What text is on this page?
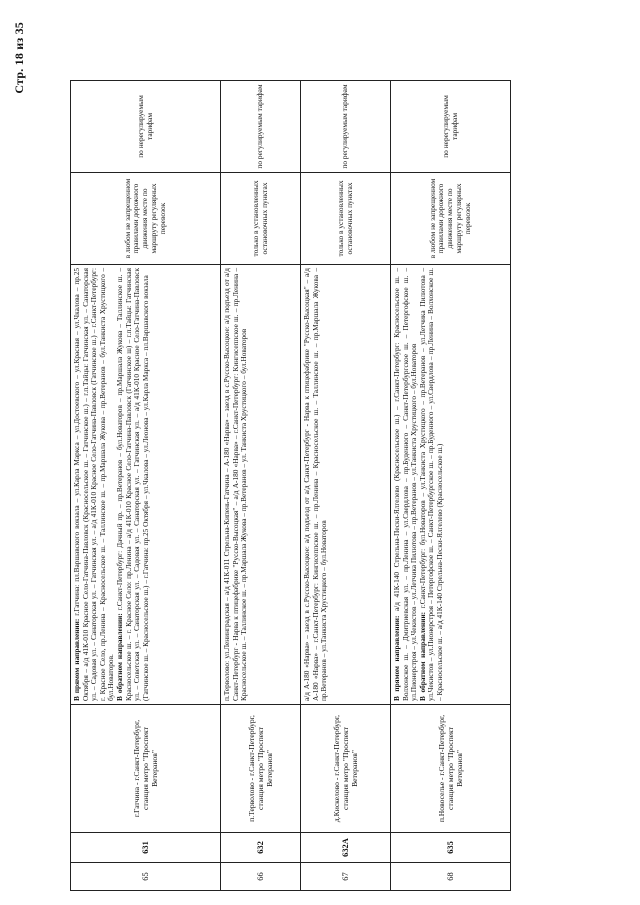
Стр. 18 из 35
65	631	г.Гатчина - г.Санкт-Петербург, станция метро "Проспект Ветеранов"	В прямом направлении: г.Гатчина: пл.Варшавского вокзала – ул.Карла Маркса – ул.Достоевского – ул.Красная – ул.Чкалова – пр.25 Октября – а/д 41К-010 Красное Село-Гатчина-Павловск (Красносельское ш. – Гатчинское ш.) – г.п.Тайцы: Гатчинская ул. – Санаторская ул. – Садовая ул. – Санаторская ул. – Гатчинская ул. – а/д 41К-010 Красное Село-Гатчина-Павловск (Гатчинское ш.) – г.Санкт-Петербург: г. Красное Село, пр.Ленина – Красносельское ш. – Таллинское ш. – пр.Маршала Жукова – пр.Ветеранов – бул.Танкиста Хрустицкого – бул.Новаторов.
В обратном направлении: г.Санкт-Петербург: Дачный пр. – пр.Ветеранов – бул.Новаторов – пр.Маршала Жукова – Таллинское ш. – Красносельское ш. – г. Красное Село: пр.Ленина – а/д 41К-010 Красное Село-Гатчина-Павловск (Гатчинское ш) – г.п.Тайцы: Гатчинская ул. – Советская ул. – Санаторская ул. – Садовая ул. – Санаторская ул. – Гатчинская ул. – а/д 41К-010 Красное Село-Гатчина-Павловск (Гатчинское ш. – Красносельское ш.) – г.Гатчина: пр.25 Октября – ул.Чкалова – ул.Леонова – ул.Карла Маркса – пл.Варшавского вокзала	в любом не запрещенном правилами дорожного движения месте по маршруту регулярных перевозок	по нерегулируемым тарифам
66	632	п.Терволово - г.Санкт-Петербург, станция метро "Проспект Ветеранов"	п.Терволово: ул.Ленинградская – а/д 41К-011 Стрельна-Кипень-Гатчина – А-180 «Нарва» – заезд в с.Русско-Высоцкое: а/д подъезд от а/д Санкт-Петербург - Нарва к птицефабрике "Русско-Высоцкая" – а/д А-180 «Нарва» – г.Санкт-Петербург: Кингисеппское ш. – пр.Ленина – Красносельское ш. – Таллинское ш. – пр.Маршала Жукова – пр.Ветеранов – ул. Танкиста Хрустицкого – бул.Новаторов	только в установленных остановочных пунктах	по регулируемым тарифам
67	632А	д.Кискелово - г.Санкт-Петербург, станция метро "Проспект Ветеранов"	а/д А-180 «Нарва» – заезд в с.Русско-Высоцкое: а/д подъезд от а/д Санкт-Петербург - Нарва к птицефабрике "Русско-Высоцкая" – а/д А-180 «Нарва» – г.Санкт-Петербург: Кингисеппское ш. – пр.Ленина – Красносельское ш. – Таллинское ш. – пр.Маршала Жукова – пр.Ветеранов – ул.Танкиста Хрустицкого – бул.Новаторов	только в установленных остановочных пунктах	по регулируемым тарифам
68	635	п.Новоселье - г.Санкт-Петербург, станция метро "Проспект Ветеранов"	В прямом направлении: а/д 41К-140 Стрельна-Пески-Ялгелево (Красносельское ш.) – г.Санкт-Петербург: Красносельское ш. – Волхонское ш. – Дмитриевская ул. – пр.Ленина – ул.Свердлова – пр.Буденного – Санкт-Петербургское ш. – Петергофское ш. – ул.Пионерстроя – ул.Чекистов – ул.Летчика Пилютова – пр.Ветеранов – ул.Танкиста Хрустицкого – бул.Новаторов
В обратном направлении: г.Санкт-Петербург: бул.Новаторов – ул.Танкиста Хрустицкого – пр.Ветеранов – ул.Летчика Пилютова – ул.Чекистов – ул.Пионерстроя – Петергофское ш. – Санкт-Петербургское ш. – пр.Буденного – ул.Свердлова – пр.Ленина – Волхонское ш. – Красносельское ш. – а/д 41К-140 Стрельна-Пески-Ялгелево (Красносельское ш.)	в любом не запрещенном правилами дорожного движения месте по маршруту регулярных перевозок	по нерегулируемым тарифам
